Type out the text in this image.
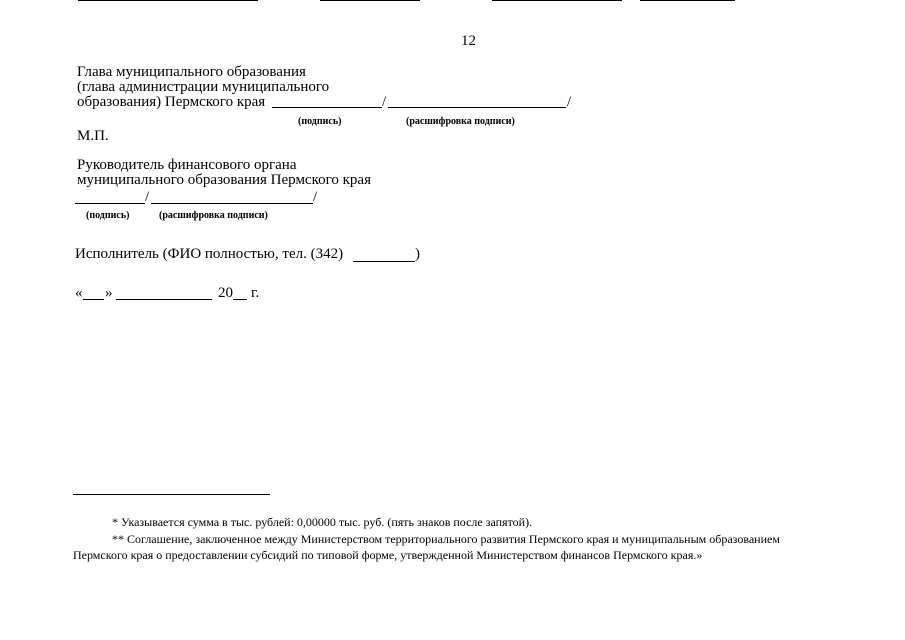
12
Глава муниципального образования
(глава администрации муниципального
образования) Пермского края	/	/
(подпись)	(расшифровка подписи)
М.П.
Руководитель финансового органа
муниципального образования Пермского края
/	/
(подпись)	(расшифровка подписи)
Исполнитель (ФИО полностью, тел. (342)	)
« »	20 г.
* Указывается сумма в тыс. рублей: 0,00000 тыс. руб. (пять знаков после запятой).
** Соглашение, заключенное между Министерством территориального развития Пермского края и муниципальным образованием
Пермского края о предоставлении субсидий по типовой форме, утвержденной Министерством финансов Пермского края.»
